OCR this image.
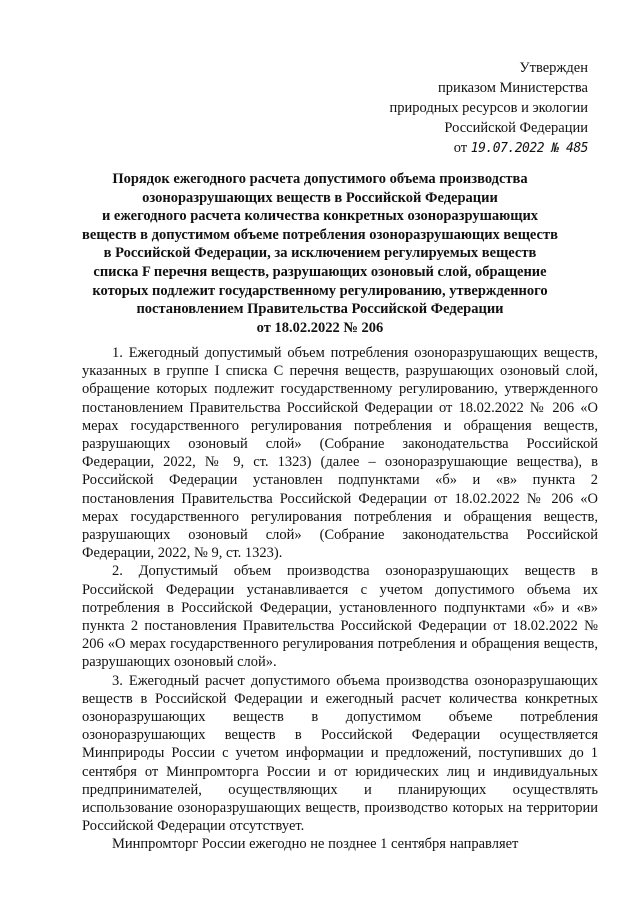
Утвержден
приказом Министерства
природных ресурсов и экологии
Российской Федерации
от 19.07.2022 № 485
Порядок ежегодного расчета допустимого объема производства
озоноразрушающих веществ в Российской Федерации
и ежегодного расчета количества конкретных озоноразрушающих
веществ в допустимом объеме потребления озоноразрушающих веществ
в Российской Федерации, за исключением регулируемых веществ
списка F перечня веществ, разрушающих озоновый слой, обращение
которых подлежит государственному регулированию, утвержденного
постановлением Правительства Российской Федерации
от 18.02.2022 № 206

1. Ежегодный допустимый объем потребления озоноразрушающих веществ, указанных в группе I списка С перечня веществ, разрушающих озоновый слой, обращение которых подлежит государственному регулированию, утвержденного постановлением Правительства Российской Федерации от 18.02.2022 № 206 «О мерах государственного регулирования потребления и обращения веществ, разрушающих озоновый слой» (Собрание законодательства Российской Федерации, 2022, № 9, ст. 1323) (далее – озоноразрушающие вещества), в Российской Федерации установлен подпунктами «б» и «в» пункта 2 постановления Правительства Российской Федерации от 18.02.2022 № 206 «О мерах государственного регулирования потребления и обращения веществ, разрушающих озоновый слой» (Собрание законодательства Российской Федерации, 2022, № 9, ст. 1323).

2. Допустимый объем производства озоноразрушающих веществ в Российской Федерации устанавливается с учетом допустимого объема их потребления в Российской Федерации, установленного подпунктами «б» и «в» пункта 2 постановления Правительства Российской Федерации от 18.02.2022 № 206 «О мерах государственного регулирования потребления и обращения веществ, разрушающих озоновый слой».

3. Ежегодный расчет допустимого объема производства озоноразрушающих веществ в Российской Федерации и ежегодный расчет количества конкретных озоноразрушающих веществ в допустимом объеме потребления озоноразрушающих веществ в Российской Федерации осуществляется Минприроды России с учетом информации и предложений, поступивших до 1 сентября от Минпромторга России и от юридических лиц и индивидуальных предпринимателей, осуществляющих и планирующих осуществлять использование озоноразрушающих веществ, производство которых на территории Российской Федерации отсутствует.

Минпромторг России ежегодно не позднее 1 сентября направляет
